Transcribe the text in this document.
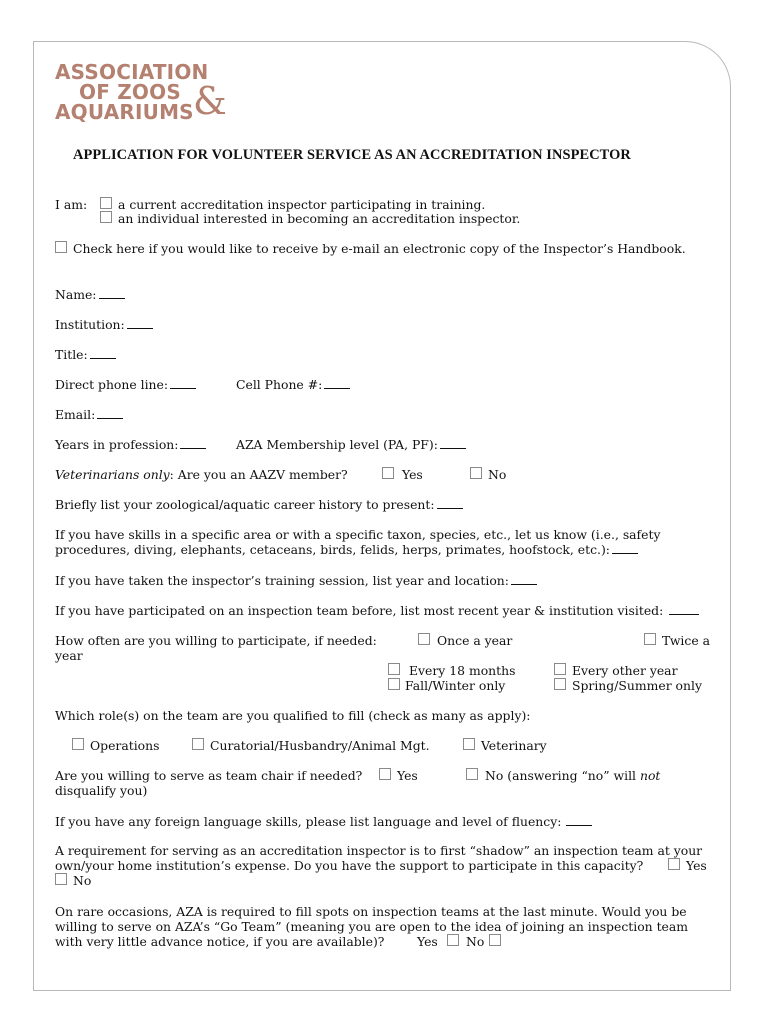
ASSOCIATION
OF ZOOS
AQUARIUMS &
APPLICATION FOR VOLUNTEER SERVICE AS AN ACCREDITATION INSPECTOR
I am: a current accreditation inspector participating in training.
an individual interested in becoming an accreditation inspector.
Check here if you would like to receive by e-mail an electronic copy of the Inspector’s Handbook.
Name:
Institution:
Title:
Direct phone line:	Cell Phone #:
Email:
Years in profession:	AZA Membership level (PA, PF):
Veterinarians only: Are you an AAZV member?	Yes	No
Briefly list your zoological/aquatic career history to present:
If you have skills in a specific area or with a specific taxon, species, etc., let us know (i.e., safety
procedures, diving, elephants, cetaceans, birds, felids, herps, primates, hoofstock, etc.):
If you have taken the inspector’s training session, list year and location:
If you have participated on an inspection team before, list most recent year & institution visited:
How often are you willing to participate, if needed:
year
Once a year	Twice a
Every 18 months	Every other year
Fall/Winter only	Spring/Summer only
Which role(s) on the team are you qualified to fill (check as many as apply):
Operations	Curatorial/Husbandry/Animal Mgt.	Veterinary
Are you willing to serve as team chair if needed?	Yes	No (answering “no” will not
disqualify you)
If you have any foreign language skills, please list language and level of fluency:
A requirement for serving as an accreditation inspector is to first “shadow” an inspection team at your
own/your home institution’s expense. Do you have the support to participate in this capacity?	Yes
No
On rare occasions, AZA is required to fill spots on inspection teams at the last minute. Would you be
willing to serve on AZA’s “Go Team” (meaning you are open to the idea of joining an inspection team
with very little advance notice, if you are available)?	Yes No
